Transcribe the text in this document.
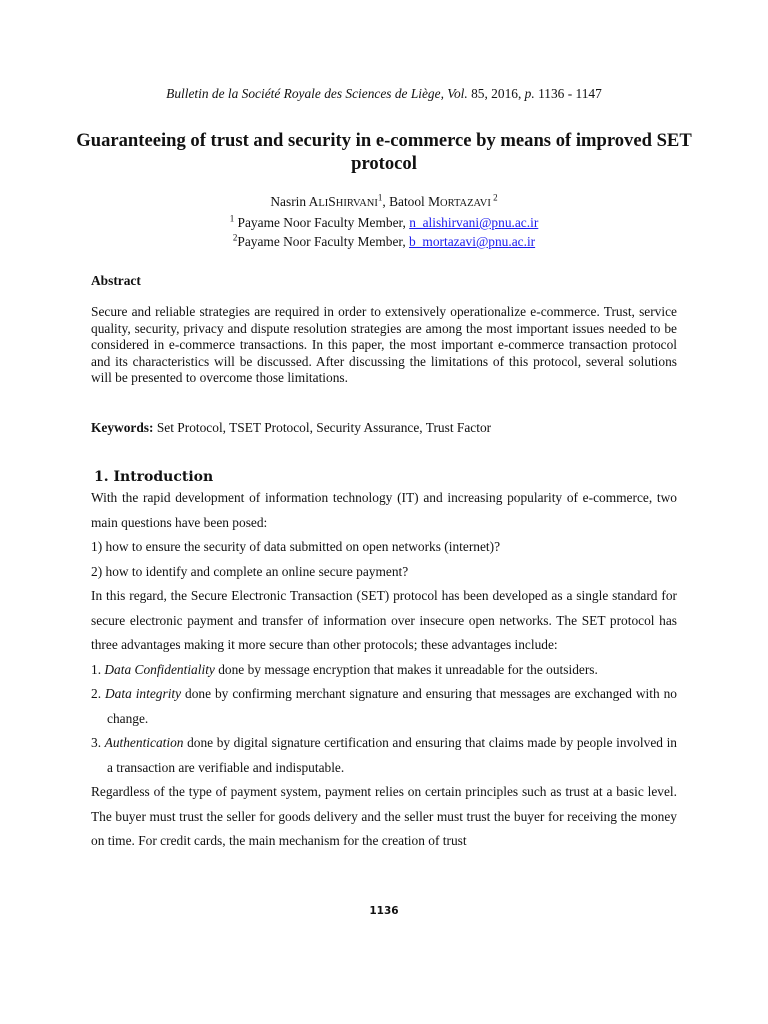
Bulletin de la Société Royale des Sciences de Liège, Vol. 85, 2016, p. 1136 - 1147
Guaranteeing of trust and security in e-commerce by means of improved SET protocol
Nasrin ALISHIRVANI$^1$, Batool MORTAZAVI $^2$
$^1$ Payame Noor Faculty Member, n_alishirvani@pnu.ac.ir
$^2$Payame Noor Faculty Member, b_mortazavi@pnu.ac.ir
Abstract
Secure and reliable strategies are required in order to extensively operationalize e-commerce. Trust, service quality, security, privacy and dispute resolution strategies are among the most important issues needed to be considered in e-commerce transactions. In this paper, the most important e-commerce transaction protocol and its characteristics will be discussed. After discussing the limitations of this protocol, several solutions will be presented to overcome those limitations.
Keywords: Set Protocol, TSET Protocol, Security Assurance, Trust Factor
1. Introduction

With the rapid development of information technology (IT) and increasing popularity of e-commerce, two main questions have been posed:

1) how to ensure the security of data submitted on open networks (internet)?

2) how to identify and complete an online secure payment?

In this regard, the Secure Electronic Transaction (SET) protocol has been developed as a single standard for secure electronic payment and transfer of information over insecure open networks. The SET protocol has three advantages making it more secure than other protocols; these advantages include:

1. Data Confidentiality done by message encryption that makes it unreadable for the outsiders.

2. Data integrity done by confirming merchant signature and ensuring that messages are exchanged with no change.

3. Authentication done by digital signature certification and ensuring that claims made by people involved in a transaction are verifiable and indisputable.

Regardless of the type of payment system, payment relies on certain principles such as trust at a basic level. The buyer must trust the seller for goods delivery and the seller must trust the buyer for receiving the money on time. For credit cards, the main mechanism for the creation of trust

1136
